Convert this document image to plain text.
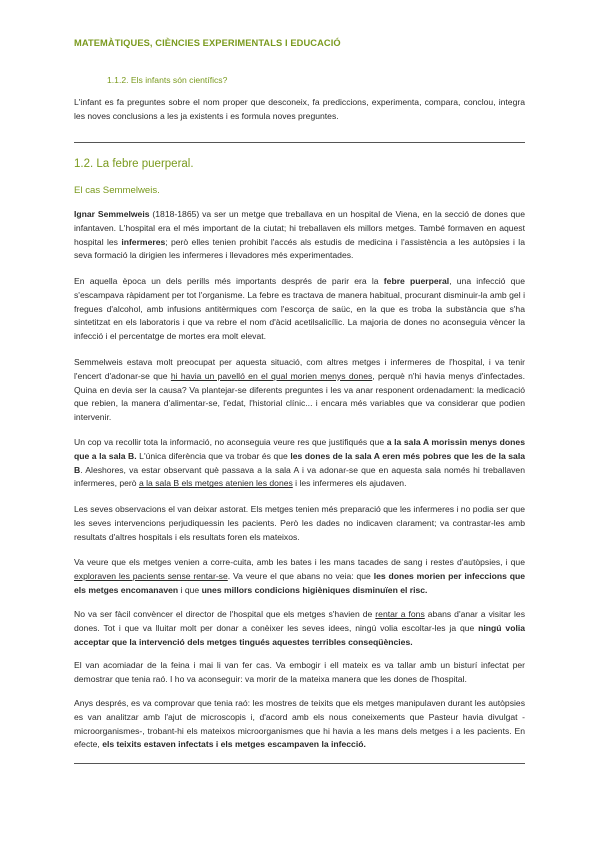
MATEMÀTIQUES, CIÈNCIES EXPERIMENTALS I EDUCACIÓ
1.1.2. Els infants són científics?

L'infant es fa preguntes sobre el nom proper que desconeix, fa prediccions, experimenta, compara, conclou, integra les noves conclusions a les ja existents i es formula noves preguntes.

1.2. La febre puerperal.
El cas Semmelweis.

Ignar Semmelweis (1818-1865) va ser un metge que treballava en un hospital de Viena, en la secció de dones que infantaven. L'hospital era el més important de la ciutat; hi treballaven els millors metges. També formaven en aquest hospital les infermeres; però elles tenien prohibit l'accés als estudis de medicina i l'assistència a les autòpsies i la seva formació la dirigien les infermeres i llevadores més experimentades.

En aquella època un dels perills més importants després de parir era la febre puerperal, una infecció que s'escampava ràpidament per tot l'organisme. La febre es tractava de manera habitual, procurant disminuir-la amb gel i fregues d'alcohol, amb infusions antitèrmiques com l'escorça de saüc, en la que es troba la substància que s'ha sintetitzat en els laboratoris i que va rebre el nom d'àcid acetilsalicílic. La majoria de dones no aconseguia vèncer la infecció i el percentatge de mortes era molt elevat.

Semmelweis estava molt preocupat per aquesta situació, com altres metges i infermeres de l'hospital, i va tenir l'encert d'adonar-se que hi havia un pavelló en el qual morien menys dones, perquè n'hi havia menys d'infectades. Quina en devia ser la causa? Va plantejar-se diferents preguntes i les va anar responent ordenadament: la medicació que rebien, la manera d'alimentar-se, l'edat, l'historial clínic... i encara més variables que va considerar que podien intervenir.

Un cop va recollir tota la informació, no aconseguia veure res que justifiqués que a la sala A morissin menys dones que a la sala B. L'única diferència que va trobar és que les dones de la sala A eren més pobres que les de la sala B. Aleshores, va estar observant què passava a la sala A i va adonar-se que en aquesta sala només hi treballaven infermeres, però a la sala B els metges atenien les dones i les infermeres els ajudaven.

Les seves observacions el van deixar astorat. Els metges tenien més preparació que les infermeres i no podia ser que les seves intervencions perjudiquessin les pacients. Però les dades no indicaven clarament; va contrastar-les amb resultats d'altres hospitals i els resultats foren els mateixos.

Va veure que els metges venien a corre-cuita, amb les bates i les mans tacades de sang i restes d'autòpsies, i que exploraven les pacients sense rentar-se. Va veure el que abans no veia: que les dones morien per infeccions que els metges encomanaven i que unes millors condicions higièniques disminuïen el risc.

No va ser fàcil convèncer el director de l'hospital que els metges s'havien de rentar a fons abans d'anar a visitar les dones. Tot i que va lluitar molt per donar a conèixer les seves idees, ningú volia escoltar-les ja que ningú volia acceptar que la intervenció dels metges tingués aquestes terribles conseqüències.

El van acomiadar de la feina i mai li van fer cas. Va embogir i ell mateix es va tallar amb un bisturí infectat per demostrar que tenia raó. I ho va aconseguir: va morir de la mateixa manera que les dones de l'hospital.

Anys després, es va comprovar que tenia raó: les mostres de teixits que els metges manipulaven durant les autòpsies es van analitzar amb l'ajut de microscopis i, d'acord amb els nous coneixements que Pasteur havia divulgat -microorganismes-, trobant-hi els mateixos microorganismes que hi havia a les mans dels metges i a les pacients. En efecte, els teixits estaven infectats i els metges escampaven la infecció.
